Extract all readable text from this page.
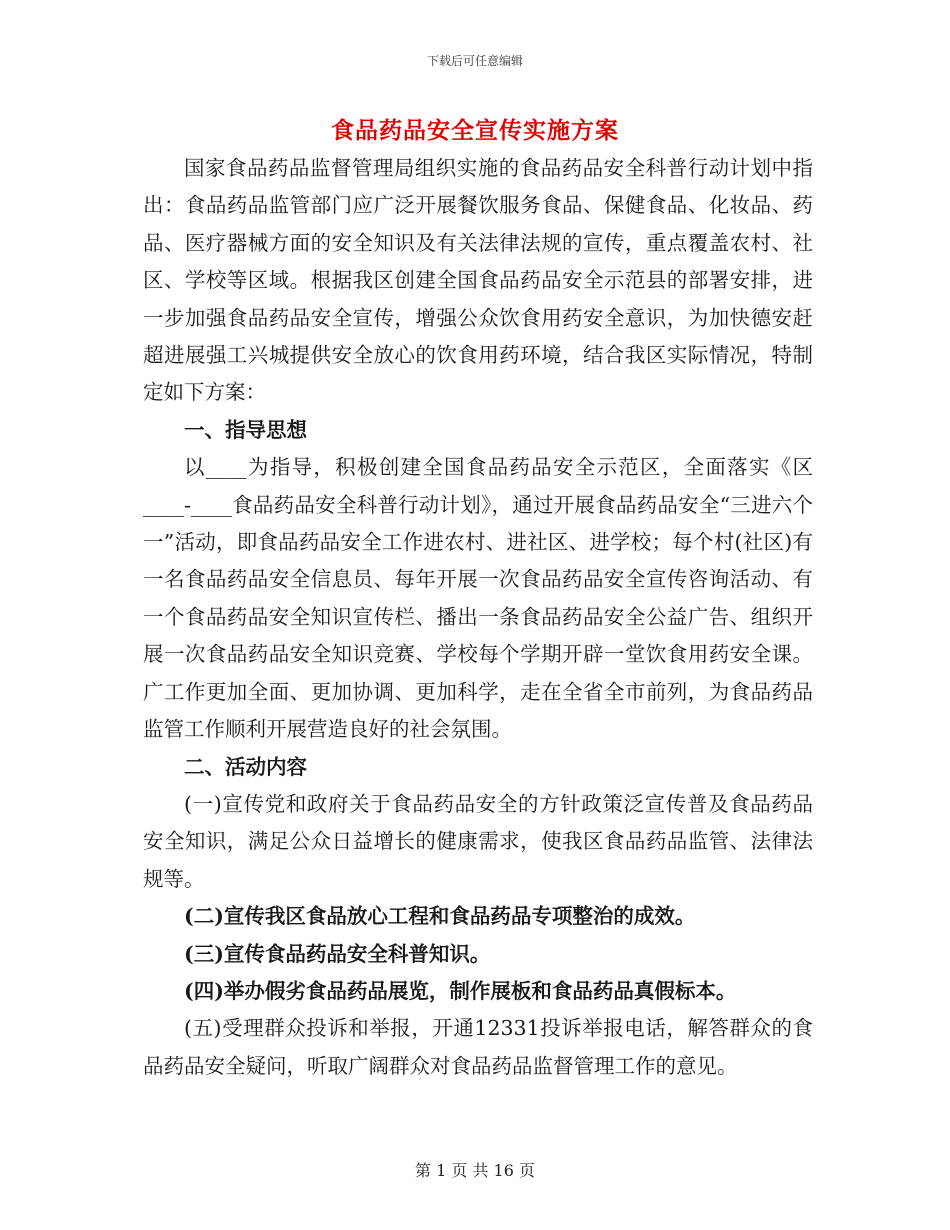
下载后可任意编辑
食品药品安全宣传实施方案

国家食品药品监督管理局组织实施的食品药品安全科普行动计划中指出：食品药品监管部门应广泛开展餐饮服务食品、保健食品、化妆品、药品、医疗器械方面的安全知识及有关法律法规的宣传，重点覆盖农村、社区、学校等区域。根据我区创建全国食品药品安全示范县的部署安排，进一步加强食品药品安全宣传，增强公众饮食用药安全意识，为加快德安赶超进展强工兴城提供安全放心的饮食用药环境，结合我区实际情况，特制定如下方案：

一、指导思想

以____为指导，积极创建全国食品药品安全示范区，全面落实《区____-____食品药品安全科普行动计划》，通过开展食品药品安全“三进六个一”活动，即食品药品安全工作进农村、进社区、进学校；每个村(社区)有一名食品药品安全信息员、每年开展一次食品药品安全宣传咨询活动、有一个食品药品安全知识宣传栏、播出一条食品药品安全公益广告、组织开展一次食品药品安全知识竞赛、学校每个学期开辟一堂饮食用药安全课。广工作更加全面、更加协调、更加科学，走在全省全市前列，为食品药品监管工作顺利开展营造良好的社会氛围。

二、活动内容

(一)宣传党和政府关于食品药品安全的方针政策泛宣传普及食品药品安全知识，满足公众日益增长的健康需求，使我区食品药品监管、法律法规等。

(二)宣传我区食品放心工程和食品药品专项整治的成效。

(三)宣传食品药品安全科普知识。

(四)举办假劣食品药品展览，制作展板和食品药品真假标本。

(五)受理群众投诉和举报，开通12331投诉举报电话，解答群众的食品药品安全疑问，听取广阔群众对食品药品监督管理工作的意见。

第 1 页 共 16 页
